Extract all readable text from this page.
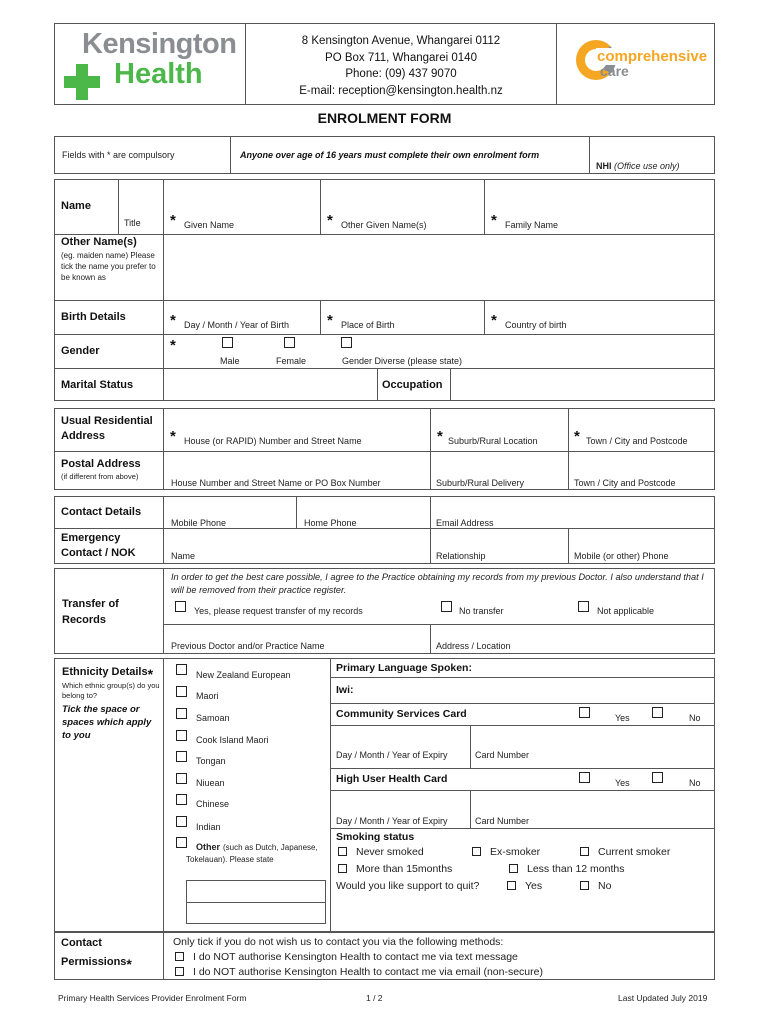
Kensington
Health
8 Kensington Avenue, Whangarei 0112
PO Box 711, Whangarei 0140
Phone: (09) 437 9070
E-mail: reception@kensington.health.nz
comprehensive
care
ENROLMENT FORM
Fields with * are compulsory	Anyone over age of 16 years must complete their own enrolment form
NHI (Office use only)
Name
Title * Given Name	* Other Given Name(s)	* Family Name
Other Name(s)
(eg. maiden name) Please tick the name you prefer to be known as
Birth Details	* Day / Month / Year of Birth	* Place of Birth	* Country of birth
Gender	*
Male	Female	Gender Diverse (please state)
Marital Status	Occupation
Usual Residential Address	* House (or RAPID) Number and Street Name	* Suburb/Rural Location * Town / City and Postcode
Postal Address
(if different from above)
House Number and Street Name or PO Box Number	Suburb/Rural Delivery	Town / City and Postcode
Contact Details
Mobile Phone	Home Phone	Email Address
Emergency Contact / NOK	Name	Relationship	Mobile (or other) Phone
Transfer of Records
In order to get the best care possible, I agree to the Practice obtaining my records from my previous Doctor. I also understand that I will be removed from their practice register.
Yes, please request transfer of my records	No transfer	Not applicable
Previous Doctor and/or Practice Name	Address / Location
Ethnicity Details*
Which ethnic group(s) do you belong to?
Tick the space or spaces which apply to you
New Zealand European
Maori
Samoan
Cook Island Maori
Tongan
Niuean
Chinese
Indian
Other (such as Dutch, Japanese, Tokelauan). Please state
Primary Language Spoken:
Iwi:
Community Services Card	Yes	No
Day / Month / Year of Expiry	Card Number
High User Health Card	Yes	No
Day / Month / Year of Expiry	Card Number
Smoking status
Never smoked	Ex-smoker	Current smoker
More than 15months	Less than 12 months
Would you like support to quit?	Yes	No
Contact
Permissions*
Only tick if you do not wish us to contact you via the following methods:
I do NOT authorise Kensington Health to contact me via text message
I do NOT authorise Kensington Health to contact me via email (non-secure)
Primary Health Services Provider Enrolment Form	1 / 2	Last Updated July 2019
